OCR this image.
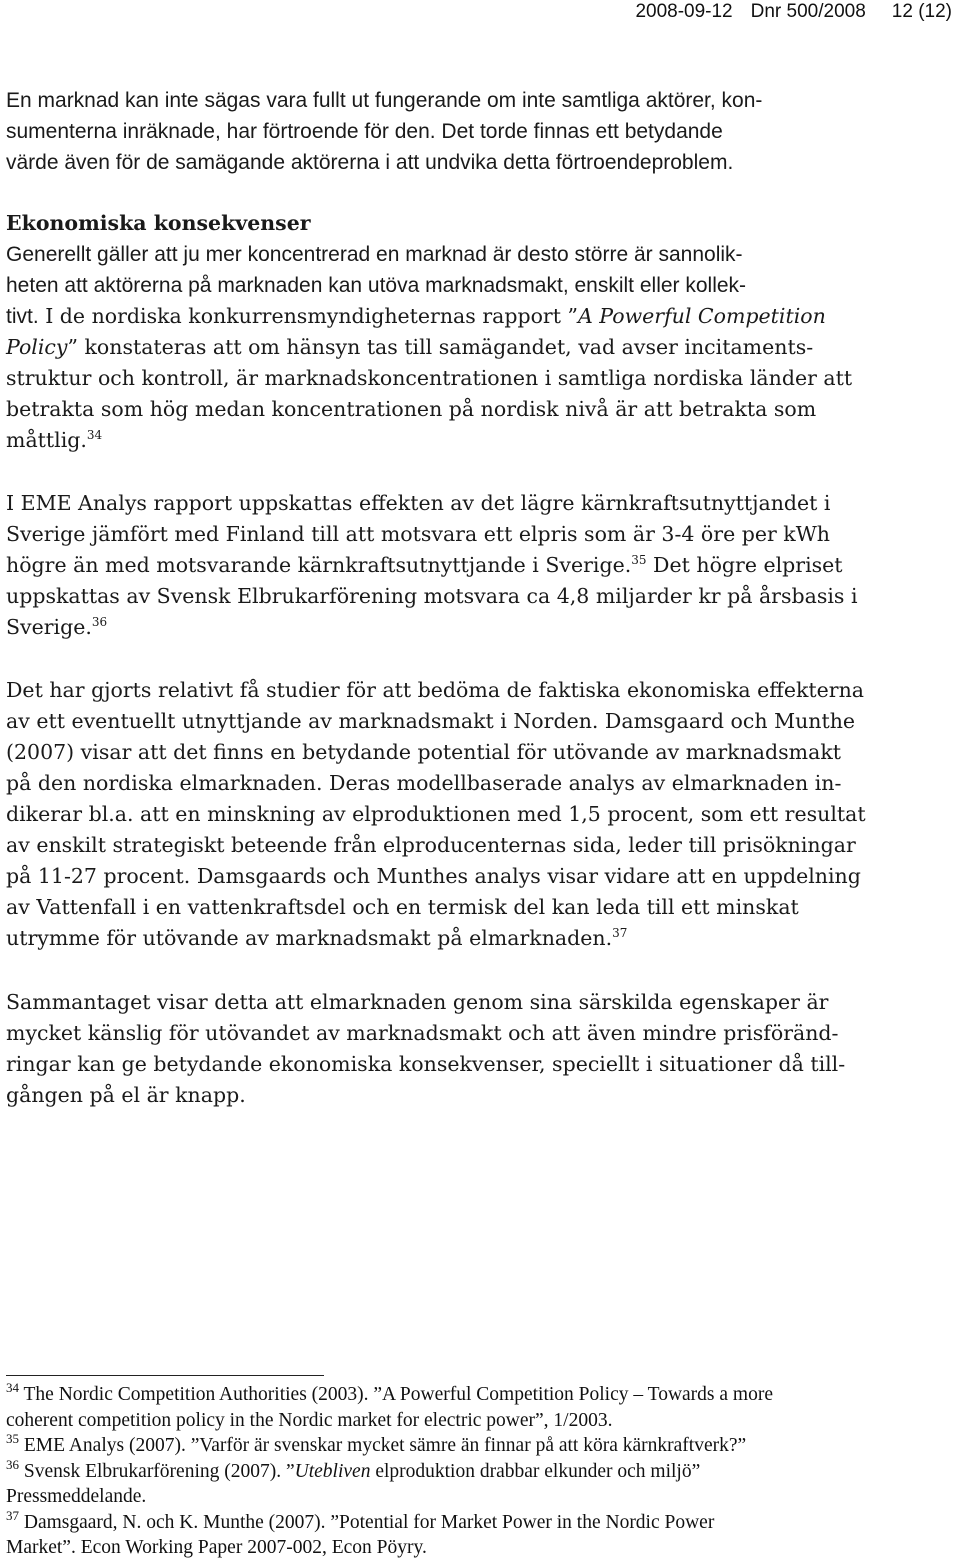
2008-09-12 Dnr 500/2008 12 (12)

En marknad kan inte sägas vara fullt ut fungerande om inte samtliga aktörer, kon-

sumenterna inräknade, har förtroende för den. Det torde finnas ett betydande

värde även för de samägande aktörerna i att undvika detta förtroendeproblem.

Ekonomiska konsekvenser

Generellt gäller att ju mer koncentrerad en marknad är desto större är sannolik-

heten att aktörerna på marknaden kan utöva marknadsmakt, enskilt eller kollek-

tivt. I de nordiska konkurrensmyndigheternas rapport ”A Powerful Competition

Policy” konstateras att om hänsyn tas till samägandet, vad avser incitaments-

struktur och kontroll, är marknadskoncentrationen i samtliga nordiska länder att

betrakta som hög medan koncentrationen på nordisk nivå är att betrakta som

måttlig.$^{34}$

I EME Analys rapport uppskattas effekten av det lägre kärnkraftsutnyttjandet i

Sverige jämfört med Finland till att motsvara ett elpris som är 3-4 öre per kWh

högre än med motsvarande kärnkraftsutnyttjande i Sverige.$^{35}$ Det högre elpriset

uppskattas av Svensk Elbrukarförening motsvara ca 4,8 miljarder kr på årsbasis i

Sverige.$^{36}$

Det har gjorts relativt få studier för att bedöma de faktiska ekonomiska effekterna

av ett eventuellt utnyttjande av marknadsmakt i Norden. Damsgaard och Munthe

(2007) visar att det finns en betydande potential för utövande av marknadsmakt

på den nordiska elmarknaden. Deras modellbaserade analys av elmarknaden in-

dikerar bl.a. att en minskning av elproduktionen med 1,5 procent, som ett resultat

av enskilt strategiskt beteende från elproducenternas sida, leder till prisökningar

på 11-27 procent. Damsgaards och Munthes analys visar vidare att en uppdelning

av Vattenfall i en vattenkraftsdel och en termisk del kan leda till ett minskat

utrymme för utövande av marknadsmakt på elmarknaden.$^{37}$

Sammantaget visar detta att elmarknaden genom sina särskilda egenskaper är

mycket känslig för utövandet av marknadsmakt och att även mindre prisföränd-

ringar kan ge betydande ekonomiska konsekvenser, speciellt i situationer då till-

gången på el är knapp.

$^{34}$ The Nordic Competition Authorities (2003). ”A Powerful Competition Policy – Towards a more

coherent competition policy in the Nordic market for electric power”, 1/2003.

$^{35}$ EME Analys (2007). ”Varför är svenskar mycket sämre än finnar på att köra kärnkraftverk?”

$^{36}$ Svensk Elbrukarförening (2007). ”Utebliven elproduktion drabbar elkunder och miljö”

Pressmeddelande.

$^{37}$ Damsgaard, N. och K. Munthe (2007). ”Potential for Market Power in the Nordic Power

Market”. Econ Working Paper 2007-002, Econ Pöyry.
